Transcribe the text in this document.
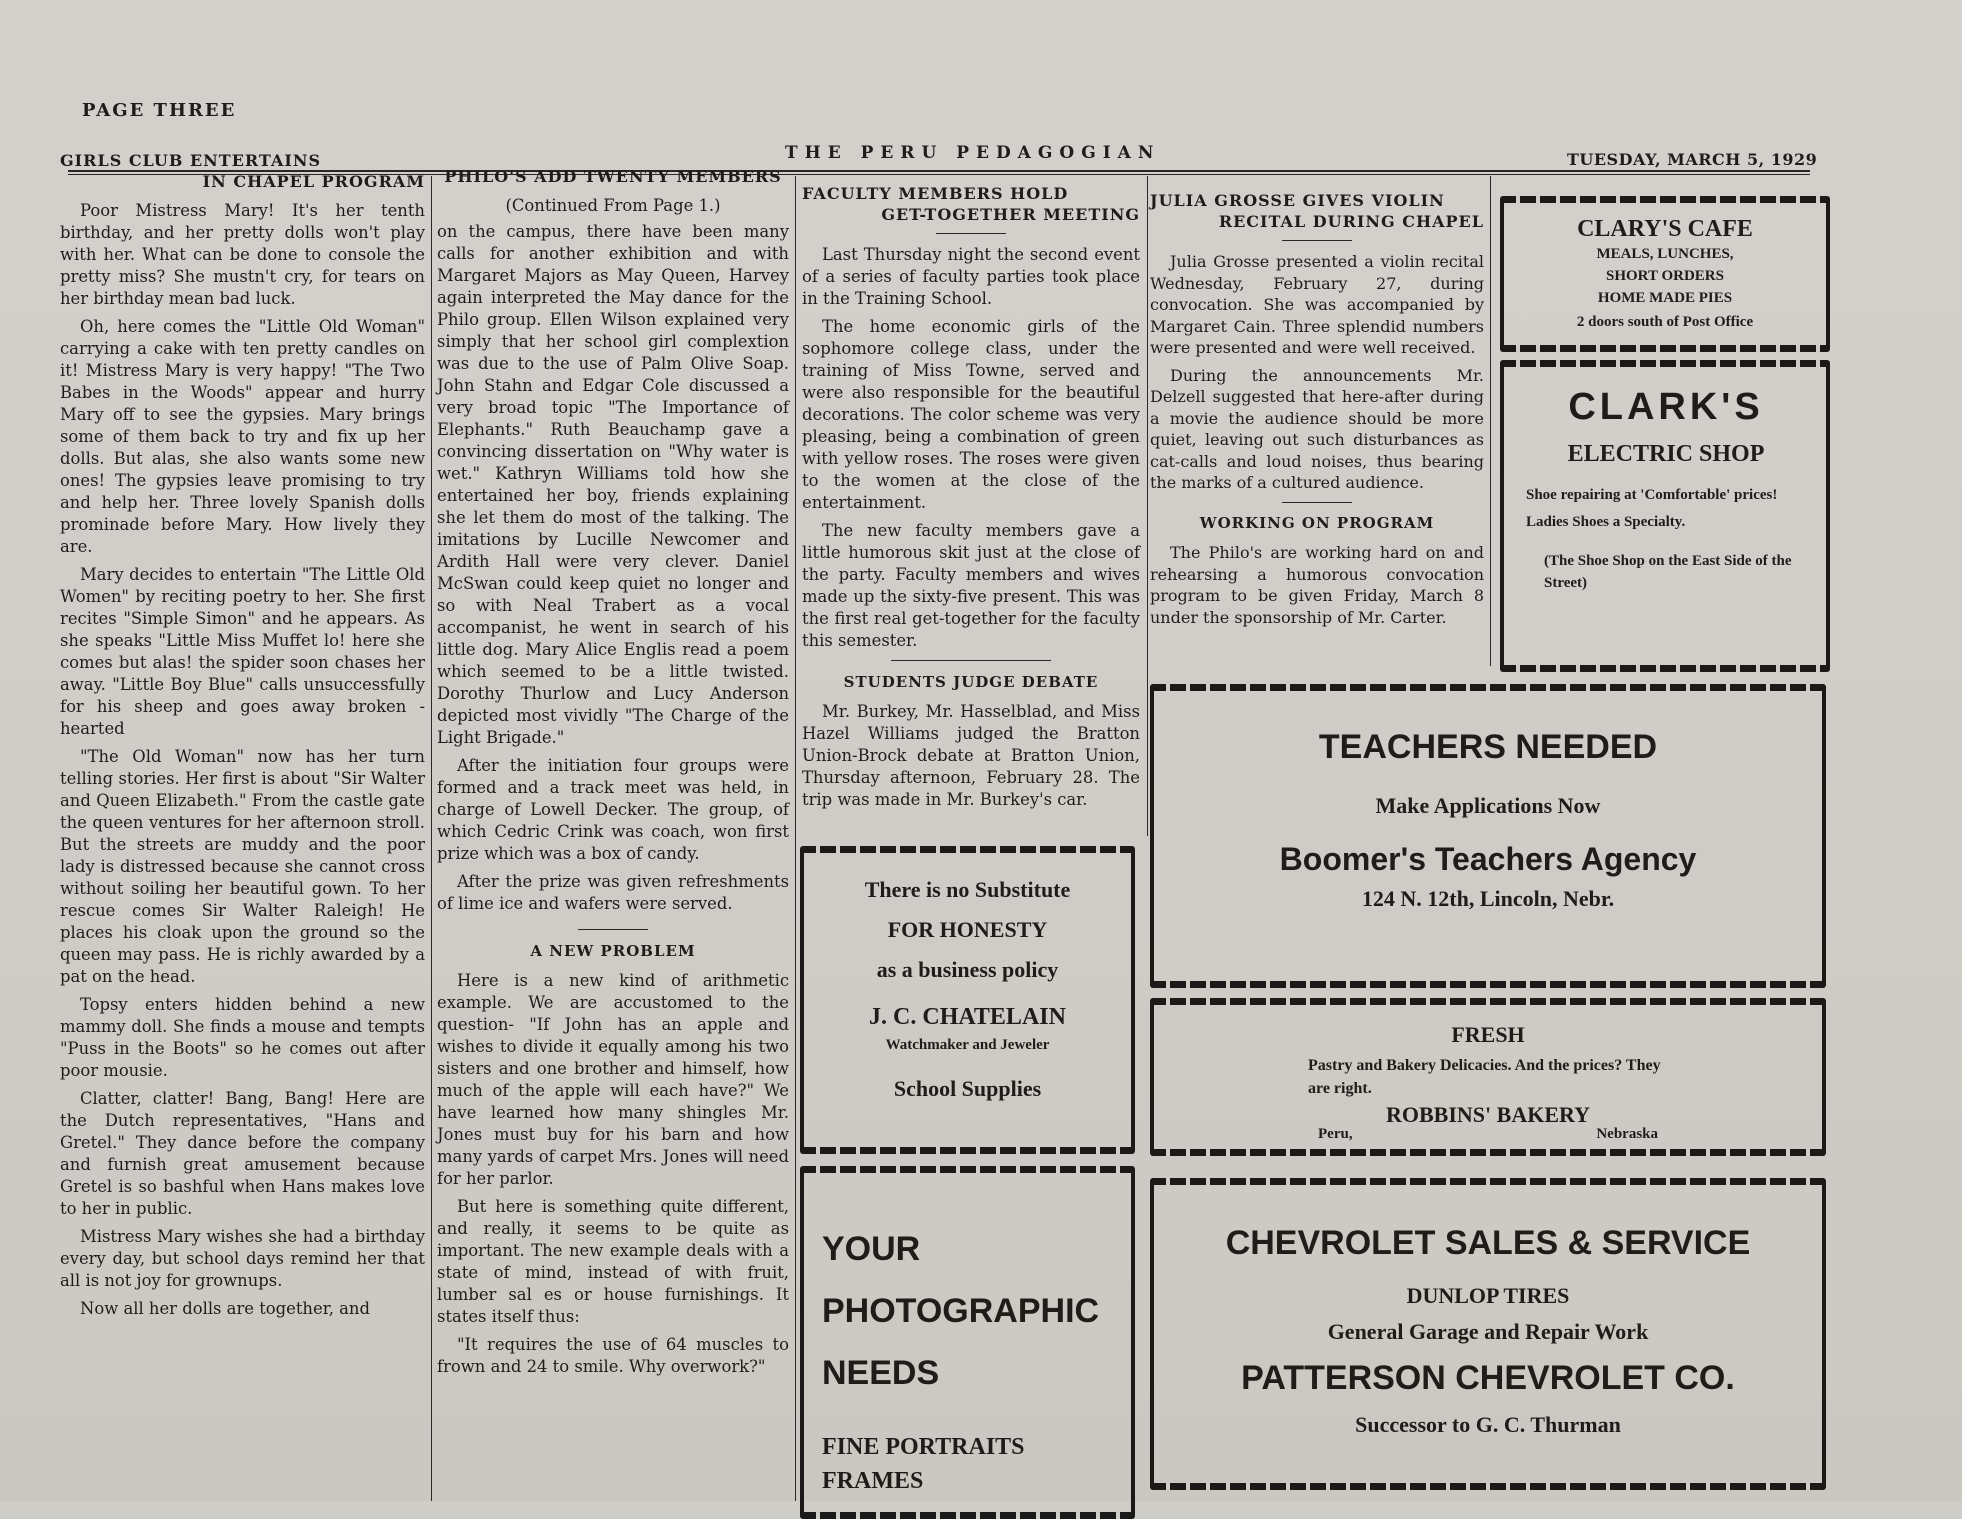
PAGE THREE
THE PERU PEDAGOGIAN	TUESDAY, MARCH 5, 1929
GIRLS CLUB ENTERTAINS
IN CHAPEL PROGRAM

Poor Mistress Mary! It's her tenth birthday, and her pretty dolls won't play with her. What can be done to console the pretty miss? She mustn't cry, for tears on her birthday mean bad luck.

Oh, here comes the "Little Old Woman" carrying a cake with ten pretty candles on it! Mistress Mary is very happy! "The Two Babes in the Woods" appear and hurry Mary off to see the gypsies. Mary brings some of them back to try and fix up her dolls. But alas, she also wants some new ones! The gypsies leave promising to try and help her. Three lovely Spanish dolls prominade before Mary. How lively they are.

Mary decides to entertain "The Little Old Women" by reciting poetry to her. She first recites "Simple Simon" and he appears. As she speaks "Little Miss Muffet lo! here she comes but alas! the spider soon chases her away. "Little Boy Blue" calls unsuccessfully for his sheep and goes away broken - hearted

"The Old Woman" now has her turn telling stories. Her first is about "Sir Walter and Queen Elizabeth." From the castle gate the queen ventures for her afternoon stroll. But the streets are muddy and the poor lady is distressed because she cannot cross without soiling her beautiful gown. To her rescue comes Sir Walter Raleigh! He places his cloak upon the ground so the queen may pass. He is richly awarded by a pat on the head.

Topsy enters hidden behind a new mammy doll. She finds a mouse and tempts "Puss in the Boots" so he comes out after poor mousie.

Clatter, clatter! Bang, Bang! Here are the Dutch representatives, "Hans and Gretel." They dance before the company and furnish great amusement because Gretel is so bashful when Hans makes love to her in public.

Mistress Mary wishes she had a birthday every day, but school days remind her that all is not joy for grownups.

Now all her dolls are together, and

PHILO'S ADD TWENTY MEMBERS
(Continued From Page 1.)

on the campus, there have been many calls for another exhibition and with Margaret Majors as May Queen, Harvey again interpreted the May dance for the Philo group. Ellen Wilson explained very simply that her school girl complextion was due to the use of Palm Olive Soap. John Stahn and Edgar Cole discussed a very broad topic "The Importance of Elephants." Ruth Beauchamp gave a convincing dissertation on "Why water is wet." Kathryn Williams told how she entertained her boy, friends explaining she let them do most of the talking. The imitations by Lucille Newcomer and Ardith Hall were very clever. Daniel McSwan could keep quiet no longer and so with Neal Trabert as a vocal accompanist, he went in search of his little dog. Mary Alice Englis read a poem which seemed to be a little twisted. Dorothy Thurlow and Lucy Anderson depicted most vividly "The Charge of the Light Brigade."

After the initiation four groups were formed and a track meet was held, in charge of Lowell Decker. The group, of which Cedric Crink was coach, won first prize which was a box of candy.

After the prize was given refreshments of lime ice and wafers were served.

A NEW PROBLEM

Here is a new kind of arithmetic example. We are accustomed to the question- "If John has an apple and wishes to divide it equally among his two sisters and one brother and himself, how much of the apple will each have?" We have learned how many shingles Mr. Jones must buy for his barn and how many yards of carpet Mrs. Jones will need for her parlor.

But here is something quite different, and really, it seems to be quite as important. The new example deals with a state of mind, instead of with fruit, lumber sal es or house furnishings. It states itself thus:

"It requires the use of 64 muscles to frown and 24 to smile. Why overwork?"

FACULTY MEMBERS HOLD
GET-TOGETHER MEETING

Last Thursday night the second event of a series of faculty parties took place in the Training School.

The home economic girls of the sophomore college class, under the training of Miss Towne, served and were also responsible for the beautiful decorations. The color scheme was very pleasing, being a combination of green with yellow roses. The roses were given to the women at the close of the entertainment.

The new faculty members gave a little humorous skit just at the close of the party. Faculty members and wives made up the sixty-five present. This was the first real get-together for the faculty this semester.

STUDENTS JUDGE DEBATE

Mr. Burkey, Mr. Hasselblad, and Miss Hazel Williams judged the Bratton Union-Brock debate at Bratton Union, Thursday afternoon, February 28. The trip was made in Mr. Burkey's car.

JULIA GROSSE GIVES VIOLIN
RECITAL DURING CHAPEL

Julia Grosse presented a violin recital Wednesday, February 27, during convocation. She was accompanied by Margaret Cain. Three splendid numbers were presented and were well received.

During the announcements Mr. Delzell suggested that here-after during a movie the audience should be more quiet, leaving out such disturbances as cat-calls and loud noises, thus bearing the marks of a cultured audience.

WORKING ON PROGRAM

The Philo's are working hard on and rehearsing a humorous convocation program to be given Friday, March 8 under the sponsorship of Mr. Carter.

CLARY'S CAFE
MEALS, LUNCHES,
SHORT ORDERS
HOME MADE PIES
2 doors south of Post Office
CLARK'S
ELECTRIC SHOP
Shoe repairing at 'Comfortable' prices! Ladies Shoes a Specialty.
(The Shoe Shop on the East Side of the Street)
There is no Substitute
FOR HONESTY
as a business policy
J. C. CHATELAIN
Watchmaker and Jeweler
School Supplies
TEACHERS NEEDED
Make Applications Now
Boomer's Teachers Agency
124 N. 12th, Lincoln, Nebr.
FRESH
Pastry and Bakery Delicacies. And the prices? They are right.
ROBBINS' BAKERY
Peru,	Nebraska
YOUR
PHOTOGRAPHIC
NEEDS
FINE PORTRAITS
FRAMES
CHEVROLET SALES & SERVICE
DUNLOP TIRES
General Garage and Repair Work
PATTERSON CHEVROLET CO.
Successor to G. C. Thurman
